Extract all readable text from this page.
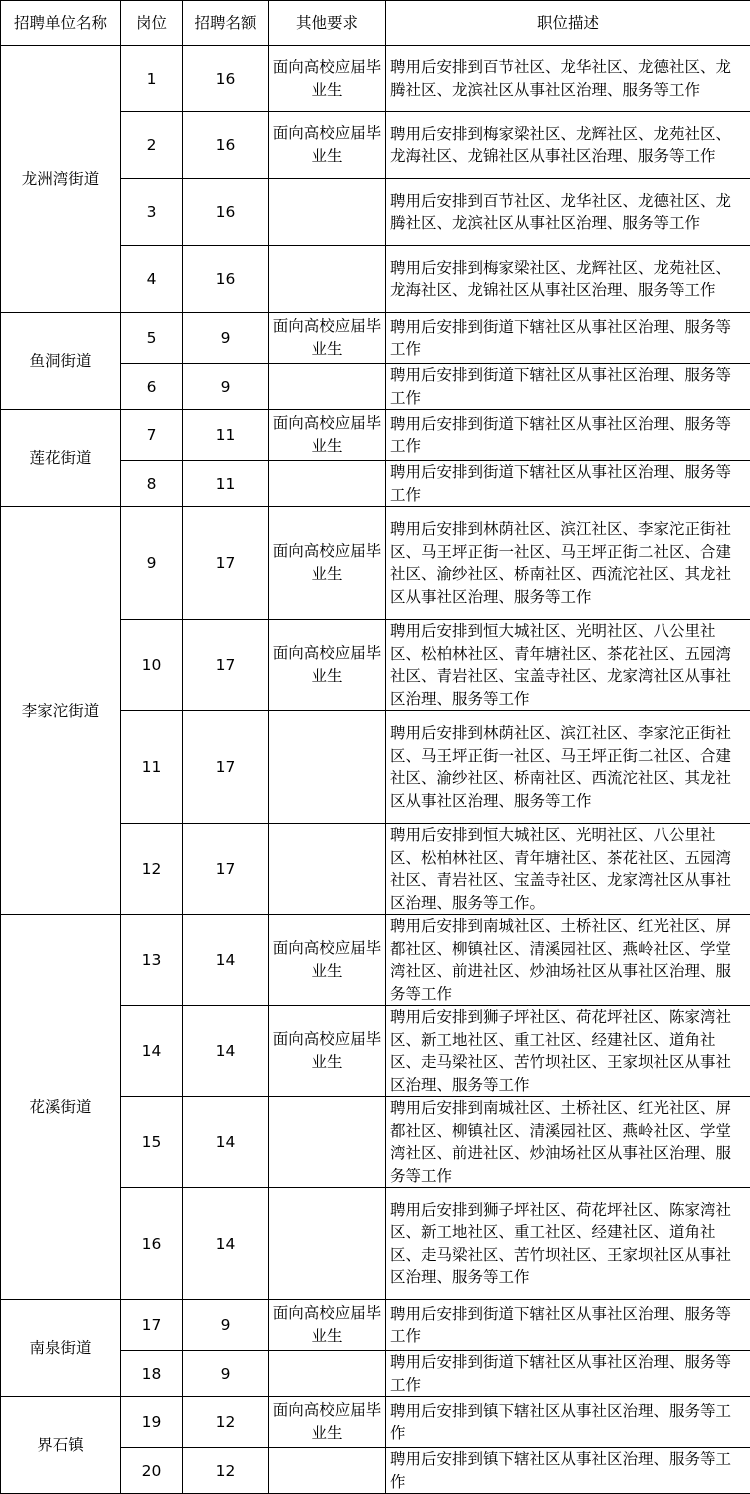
招聘单位名称	岗位	招聘名额	其他要求	职位描述
龙洲湾街道	1	16	面向高校应届毕业生	聘用后安排到百节社区、龙华社区、龙德社区、龙腾社区、龙滨社区从事社区治理、服务等工作
	2	16	面向高校应届毕业生	聘用后安排到梅家梁社区、龙辉社区、龙苑社区、龙海社区、龙锦社区从事社区治理、服务等工作
	3	16		聘用后安排到百节社区、龙华社区、龙德社区、龙腾社区、龙滨社区从事社区治理、服务等工作
	4	16		聘用后安排到梅家梁社区、龙辉社区、龙苑社区、龙海社区、龙锦社区从事社区治理、服务等工作
鱼洞街道	5	9	面向高校应届毕业生	聘用后安排到街道下辖社区从事社区治理、服务等工作
	6	9		聘用后安排到街道下辖社区从事社区治理、服务等工作
莲花街道	7	11	面向高校应届毕业生	聘用后安排到街道下辖社区从事社区治理、服务等工作
	8	11		聘用后安排到街道下辖社区从事社区治理、服务等工作
李家沱街道	9	17	面向高校应届毕业生	聘用后安排到林荫社区、滨江社区、李家沱正街社区、马王坪正街一社区、马王坪正街二社区、合建社区、渝纱社区、桥南社区、西流沱社区、其龙社区从事社区治理、服务等工作
	10	17	面向高校应届毕业生	聘用后安排到恒大城社区、光明社区、八公里社区、松柏林社区、青年塘社区、茶花社区、五园湾社区、青岩社区、宝盖寺社区、龙家湾社区从事社区治理、服务等工作
	11	17		聘用后安排到林荫社区、滨江社区、李家沱正街社区、马王坪正街一社区、马王坪正街二社区、合建社区、渝纱社区、桥南社区、西流沱社区、其龙社区从事社区治理、服务等工作
	12	17		聘用后安排到恒大城社区、光明社区、八公里社区、松柏林社区、青年塘社区、茶花社区、五园湾社区、青岩社区、宝盖寺社区、龙家湾社区从事社区治理、服务等工作。
花溪街道	13	14	面向高校应届毕业生	聘用后安排到南城社区、土桥社区、红光社区、屏都社区、柳镇社区、清溪园社区、燕岭社区、学堂湾社区、前进社区、炒油场社区从事社区治理、服务等工作
	14	14	面向高校应届毕业生	聘用后安排到狮子坪社区、荷花坪社区、陈家湾社区、新工地社区、重工社区、经建社区、道角社区、走马梁社区、苦竹坝社区、王家坝社区从事社区治理、服务等工作
	15	14		聘用后安排到南城社区、土桥社区、红光社区、屏都社区、柳镇社区、清溪园社区、燕岭社区、学堂湾社区、前进社区、炒油场社区从事社区治理、服务等工作
	16	14		聘用后安排到狮子坪社区、荷花坪社区、陈家湾社区、新工地社区、重工社区、经建社区、道角社区、走马梁社区、苦竹坝社区、王家坝社区从事社区治理、服务等工作
南泉街道	17	9	面向高校应届毕业生	聘用后安排到街道下辖社区从事社区治理、服务等工作
	18	9		聘用后安排到街道下辖社区从事社区治理、服务等工作
界石镇	19	12	面向高校应届毕业生	聘用后安排到镇下辖社区从事社区治理、服务等工作
	20	12		聘用后安排到镇下辖社区从事社区治理、服务等工作
